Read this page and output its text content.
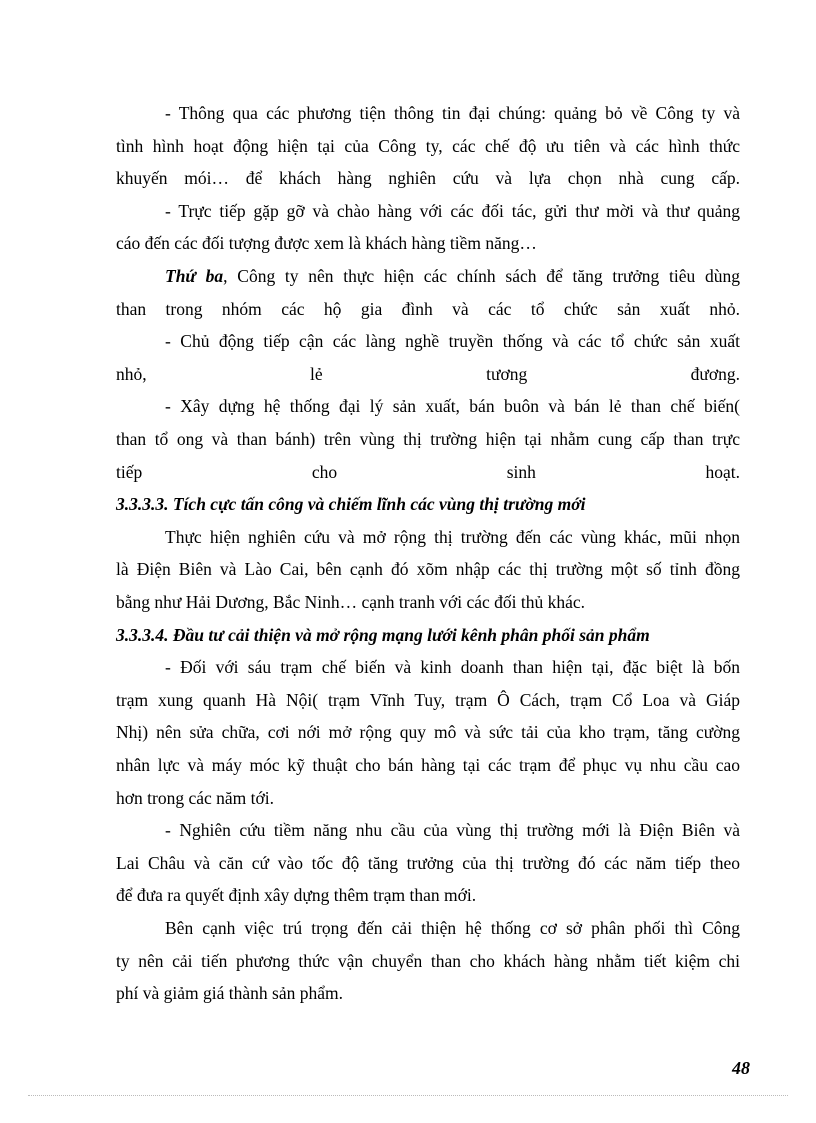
- Thông qua các phương tiện thông tin đại chúng: quảng bỏ về Công ty và
tình hình hoạt động hiện tại của Công ty, các chế độ ưu tiên và các hình thức
khuyến mói… để khách hàng nghiên cứu và lựa chọn nhà cung cấp.
- Trực tiếp gặp gỡ và chào hàng với các đối tác, gửi thư mời và thư quảng
cáo đến các đối tượng được xem là khách hàng tiềm năng…
Thứ ba, Công ty nên thực hiện các chính sách để tăng trưởng tiêu dùng
than trong nhóm các hộ gia đình và các tổ chức sản xuất nhỏ.
- Chủ động tiếp cận các làng nghề truyền thống và các tổ chức sản xuất
nhỏ, lẻ tương đương.
- Xây dựng hệ thống đại lý sản xuất, bán buôn và bán lẻ than chế biến(
than tổ ong và than bánh) trên vùng thị trường hiện tại nhằm cung cấp than trực
tiếp cho sinh hoạt.
3.3.3.3. Tích cực tấn công và chiếm lĩnh các vùng thị trường mới
Thực hiện nghiên cứu và mở rộng thị trường đến các vùng khác, mũi nhọn
là Điện Biên và Lào Cai, bên cạnh đó xõm nhập các thị trường một số tỉnh đồng
bằng như Hải Dương, Bắc Ninh… cạnh tranh với các đối thủ khác.
3.3.3.4. Đầu tư cải thiện và mở rộng mạng lưới kênh phân phối sản phẩm
- Đối với sáu trạm chế biến và kinh doanh than hiện tại, đặc biệt là bốn
trạm xung quanh Hà Nội( trạm Vĩnh Tuy, trạm Ô Cách, trạm Cổ Loa và Giáp
Nhị) nên sửa chữa, cơi nới mở rộng quy mô và sức tải của kho trạm, tăng cường
nhân lực và máy móc kỹ thuật cho bán hàng tại các trạm để phục vụ nhu cầu cao
hơn trong các năm tới.
- Nghiên cứu tiềm năng nhu cầu của vùng thị trường mới là Điện Biên và
Lai Châu và căn cứ vào tốc độ tăng trưởng của thị trường đó các năm tiếp theo
để đưa ra quyết định xây dựng thêm trạm than mới.
Bên cạnh việc trú trọng đến cải thiện hệ thống cơ sở phân phối thì Công
ty nên cải tiến phương thức vận chuyển than cho khách hàng nhằm tiết kiệm chi
phí và giảm giá thành sản phẩm.
48
